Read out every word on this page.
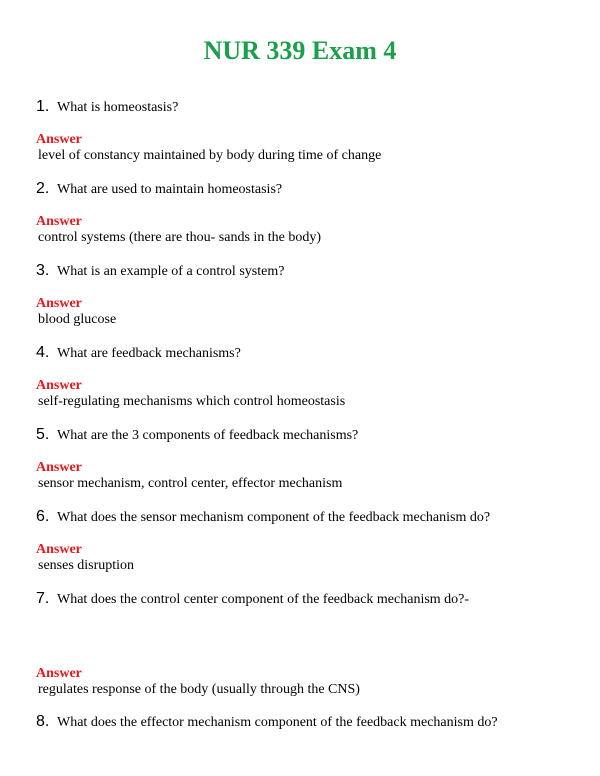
NUR 339 Exam 4
1. What is homeostasis?
Answer
level of constancy maintained by body during time of change
2. What are used to maintain homeostasis?
Answer
control systems (there are thou- sands in the body)
3. What is an example of a control system?
Answer
blood glucose
4. What are feedback mechanisms?
Answer
self-regulating mechanisms which control homeostasis
5. What are the 3 components of feedback mechanisms?
Answer
sensor mechanism, control center, effector mechanism
6. What does the sensor mechanism component of the feedback mechanism do?
Answer
senses disruption
7. What does the control center component of the feedback mechanism do?-
Answer
regulates response of the body (usually through the CNS)
8. What does the effector mechanism component of the feedback mechanism do?
